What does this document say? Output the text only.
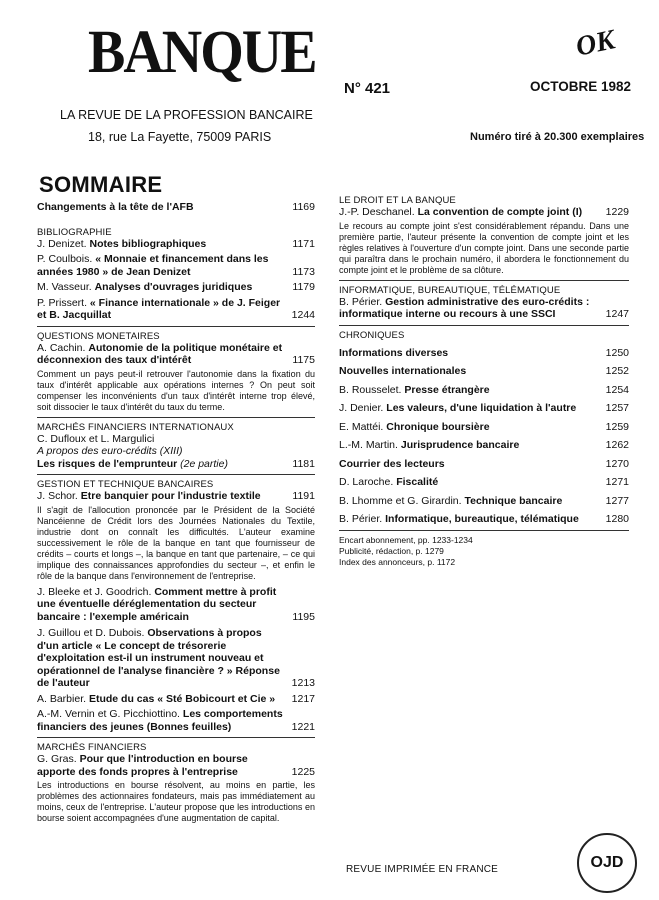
BANQUE	OK
N° 421	OCTOBRE 1982
LA REVUE DE LA PROFESSION BANCAIRE
18, rue La Fayette, 75009 PARIS	Numéro tiré à 20.300 exemplaires
SOMMAIRE
Changements à la tête de l'AFB	1169
BIBLIOGRAPHIE
J. Denizet. Notes bibliographiques	1171
P. Coulbois. « Monnaie et financement dans les années 1980 » de Jean Denizet	1173
M. Vasseur. Analyses d'ouvrages juridiques	1179
P. Prissert. « Finance internationale » de J. Feiger et B. Jacquillat	1244
QUESTIONS MONETAIRES
A. Cachin. Autonomie de la politique monétaire et déconnexion des taux d'intérêt	1175
Comment un pays peut-il retrouver l'autonomie dans la fixation du taux d'intérêt applicable aux opérations internes ? On peut soit compenser les inconvénients d'un taux d'intérêt interne trop élevé, soit dissocier le taux d'intérêt du taux du terme.
MARCHÉS FINANCIERS INTERNATIONAUX
C. Dufloux et L. Margulici
A propos des euro-crédits (XIII)
Les risques de l'emprunteur (2e partie)	1181
GESTION ET TECHNIQUE BANCAIRES
J. Schor. Etre banquier pour l'industrie textile	1191
Il s'agit de l'allocution prononcée par le Président de la Société Nancéienne de Crédit lors des Journées Nationales du Textile, industrie dont on connaît les difficultés. L'auteur examine successivement le rôle de la banque en tant que fournisseur de crédits – courts et longs –, la banque en tant que partenaire, – ce qui implique des connaissances approfondies du secteur –, et enfin le rôle de la banque dans l'environnement de l'entreprise.
J. Bleeke et J. Goodrich. Comment mettre à profit une éventuelle déréglementation du secteur bancaire : l'exemple américain	1195
J. Guillou et D. Dubois. Observations à propos d'un article « Le concept de trésorerie d'exploitation est-il un instrument nouveau et opérationnel de l'analyse financière ? » Réponse de l'auteur	1213
A. Barbier. Etude du cas « Sté Bobicourt et Cie »	1217
A.-M. Vernin et G. Picchiottino. Les comportements financiers des jeunes (Bonnes feuilles)	1221
MARCHÉS FINANCIERS
G. Gras. Pour que l'introduction en bourse apporte des fonds propres à l'entreprise	1225
Les introductions en bourse résolvent, au moins en partie, les problèmes des actionnaires fondateurs, mais pas immédiatement au moins, ceux de l'entreprise. L'auteur propose que les introductions en bourse soient accompagnées d'une augmentation de capital.
LE DROIT ET LA BANQUE
J.-P. Deschanel. La convention de compte joint (I)	1229
Le recours au compte joint s'est considérablement répandu. Dans une première partie, l'auteur présente la convention de compte joint et les règles relatives à l'ouverture d'un compte joint. Dans une seconde partie qui paraîtra dans le prochain numéro, il abordera le fonctionnement du compte joint et le problème de sa clôture.
INFORMATIQUE, BUREAUTIQUE, TÉLÉMATIQUE
B. Périer. Gestion administrative des euro-crédits : informatique interne ou recours à une SSCI	1247
CHRONIQUES
Informations diverses	1250
Nouvelles internationales	1252
B. Rousselet. Presse étrangère	1254
J. Denier. Les valeurs, d'une liquidation à l'autre	1257
E. Mattéi. Chronique boursière	1259
L.-M. Martin. Jurisprudence bancaire	1262
Courrier des lecteurs	1270
D. Laroche. Fiscalité	1271
B. Lhomme et G. Girardin. Technique bancaire	1277
B. Périer. Informatique, bureautique, télématique	1280
Encart abonnement, pp. 1233-1234
Publicité, rédaction, p. 1279
Index des annonceurs, p. 1172
REVUE IMPRIMÉE EN FRANCE	OJD
